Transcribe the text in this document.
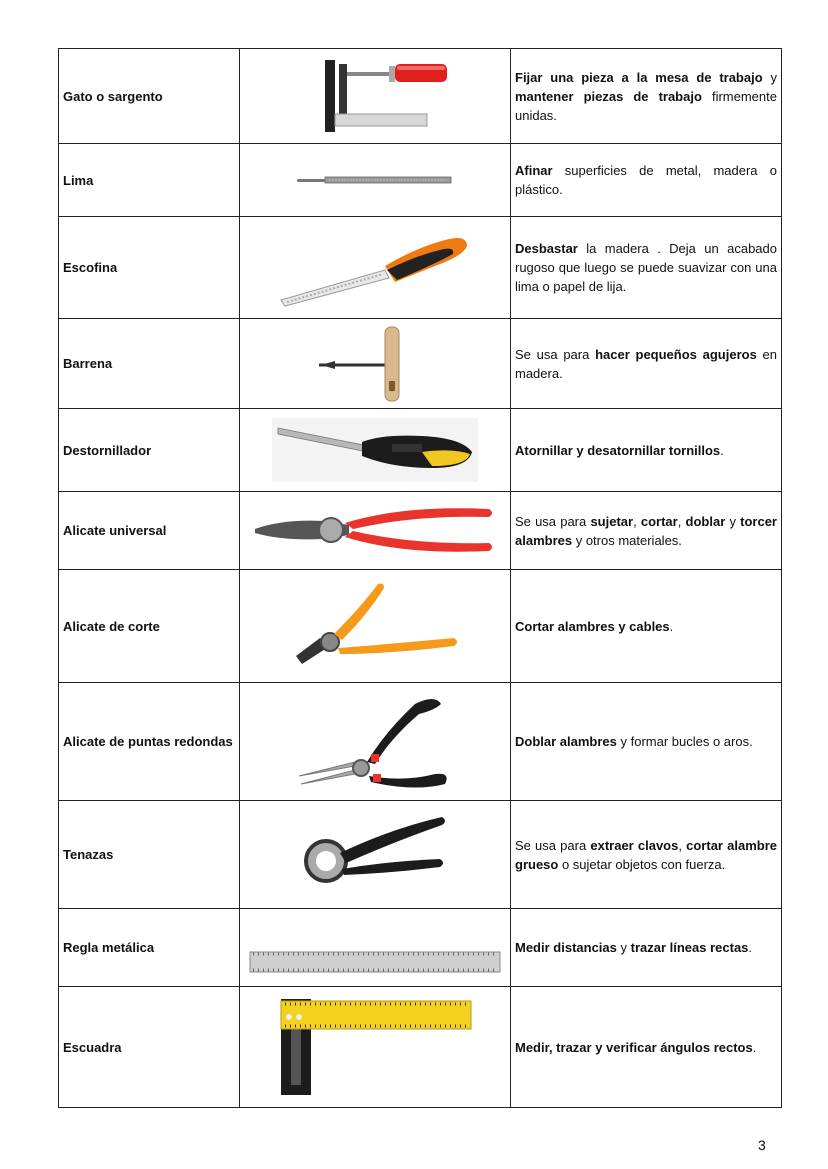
Gato o sargento		Fijar una pieza a la mesa de trabajo y mantener piezas de trabajo firmemente unidas.
Lima		Afinar superficies de metal, madera o plástico.
Escofina		Desbastar la madera . Deja un acabado rugoso que luego se puede suavizar con una lima o papel de lija.
Barrena		Se usa para hacer pequeños agujeros en madera.
Destornillador		Atornillar y desatornillar tornillos.
Alicate universal		Se usa para sujetar, cortar, doblar y torcer alambres y otros materiales.
Alicate de corte		Cortar alambres y cables.
Alicate de puntas redondas		Doblar alambres y formar bucles o aros.
Tenazas		Se usa para extraer clavos, cortar alambre grueso o sujetar objetos con fuerza.
Regla metálica		Medir distancias y trazar líneas rectas.
Escuadra		Medir, trazar y verificar ángulos rectos.
3
